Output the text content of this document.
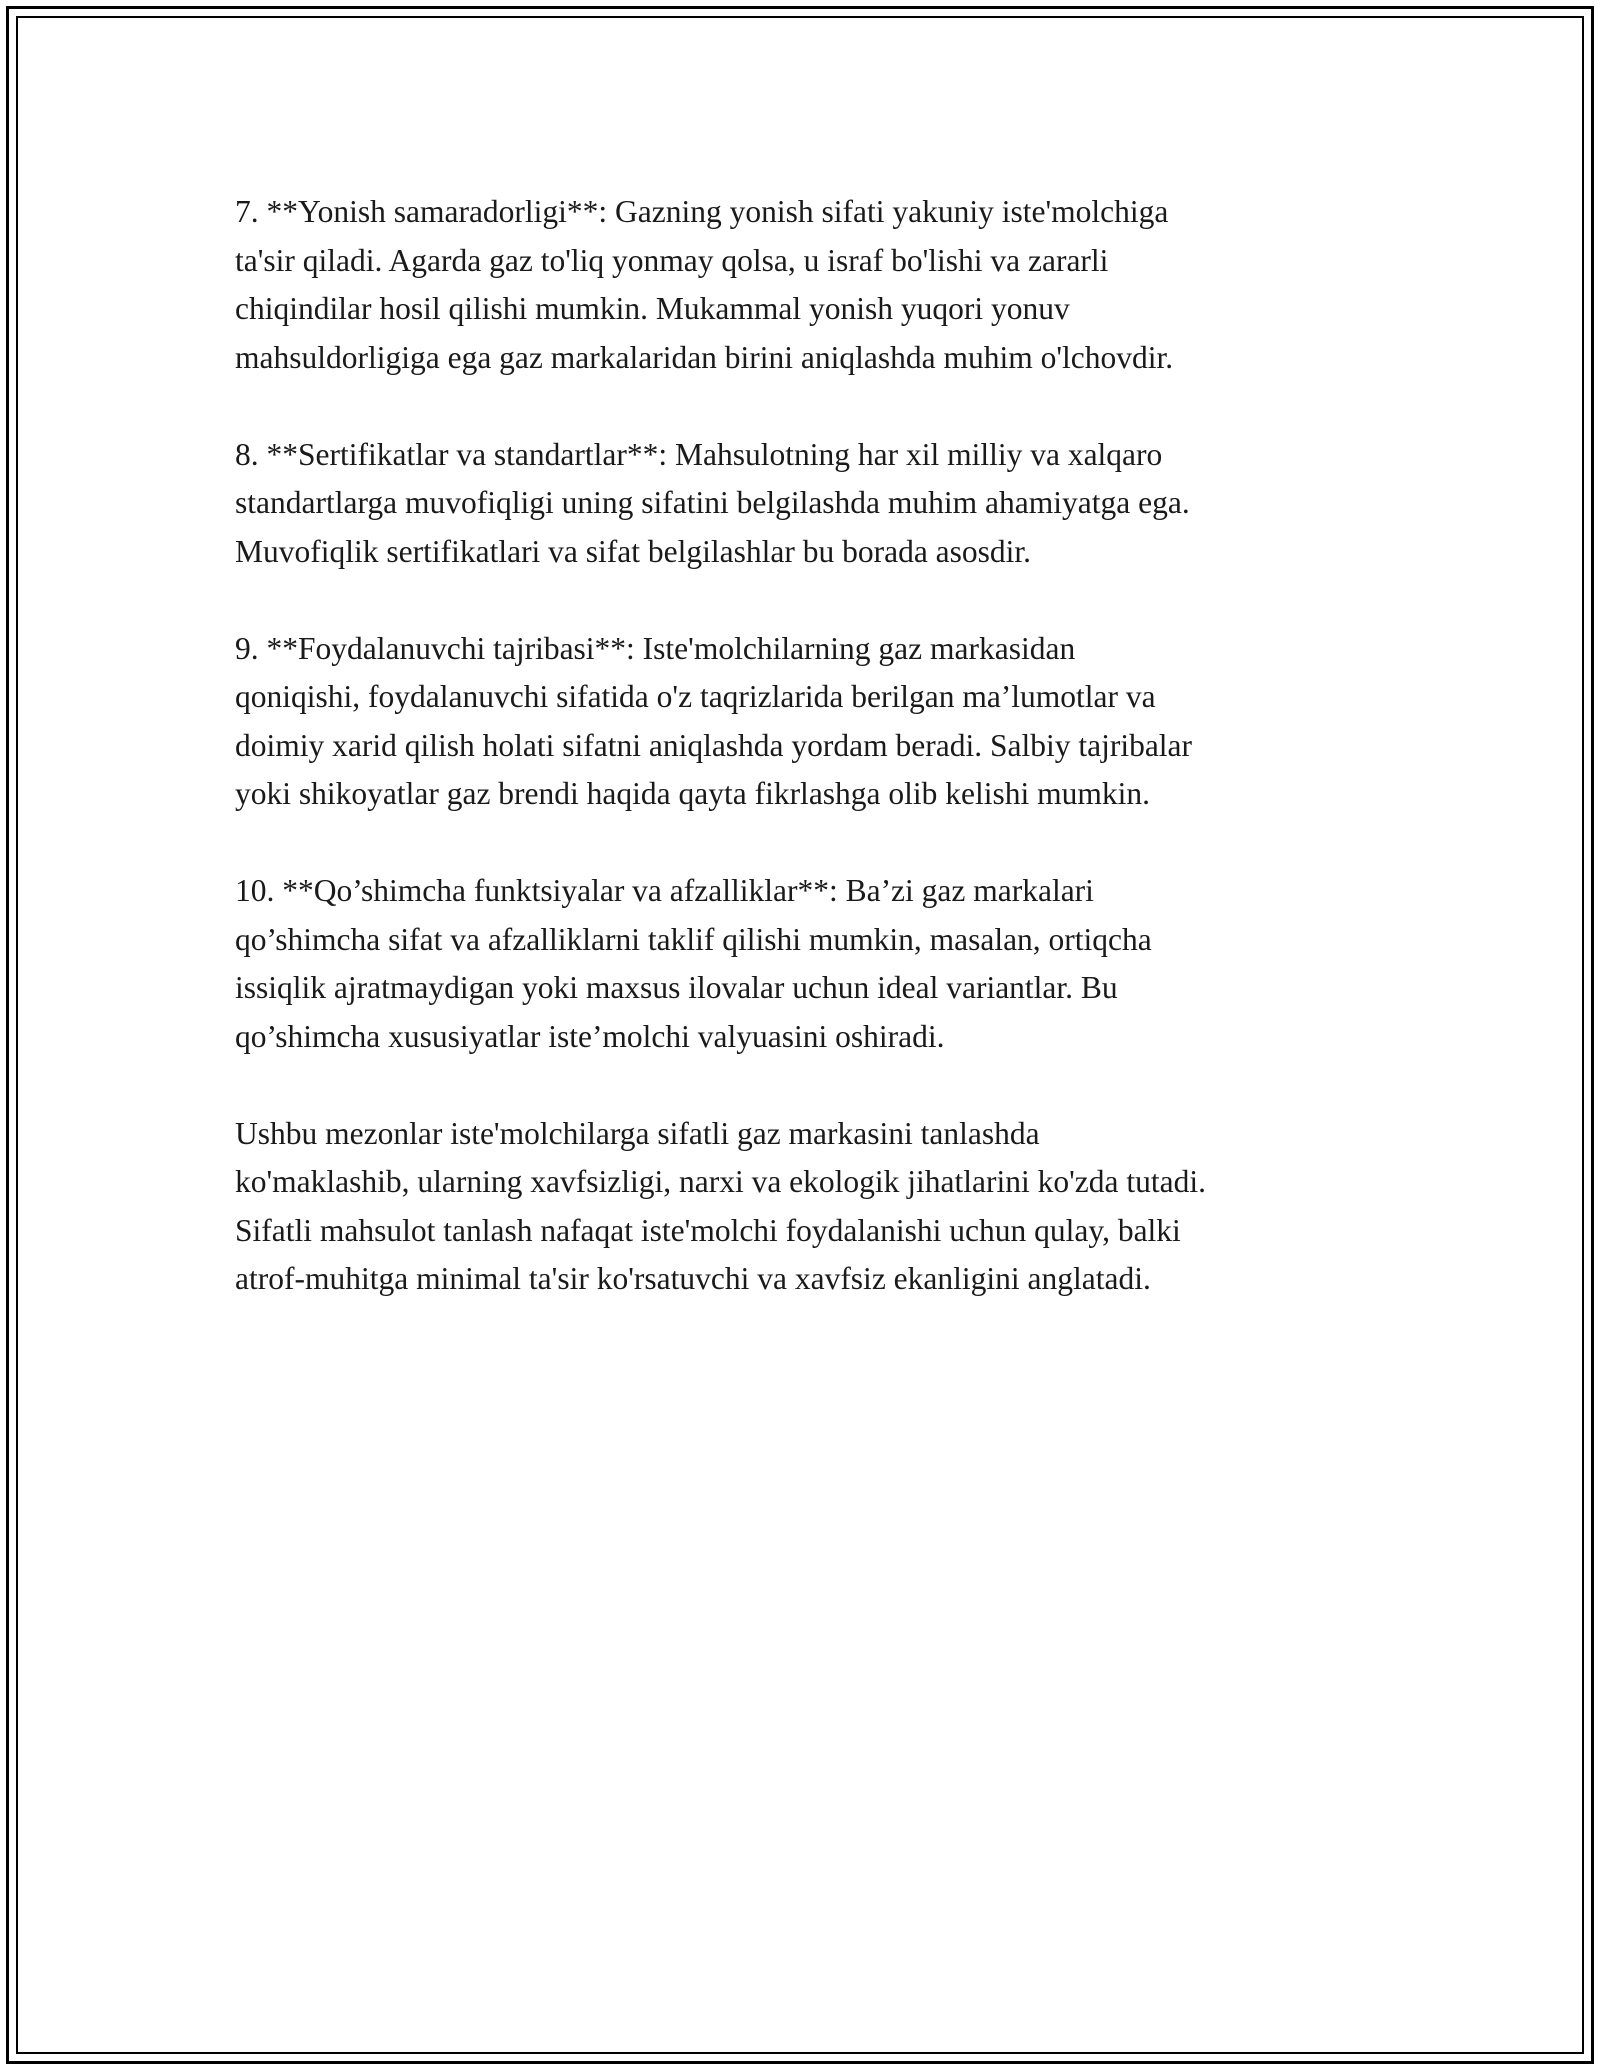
7. **Yonish samaradorligi**: Gazning yonish sifati yakuniy iste'molchiga
ta'sir qiladi. Agarda gaz to'liq yonmay qolsa, u israf bo'lishi va zararli
chiqindilar hosil qilishi mumkin. Mukammal yonish yuqori yonuv
mahsuldorligiga ega gaz markalaridan birini aniqlashda muhim o'lchovdir.

8. **Sertifikatlar va standartlar**: Mahsulotning har xil milliy va xalqaro
standartlarga muvofiqligi uning sifatini belgilashda muhim ahamiyatga ega.
Muvofiqlik sertifikatlari va sifat belgilashlar bu borada asosdir.

9. **Foydalanuvchi tajribasi**: Iste'molchilarning gaz markasidan
qoniqishi, foydalanuvchi sifatida o'z taqrizlarida berilgan ma’lumotlar va
doimiy xarid qilish holati sifatni aniqlashda yordam beradi. Salbiy tajribalar
yoki shikoyatlar gaz brendi haqida qayta fikrlashga olib kelishi mumkin.

10. **Qo’shimcha funktsiyalar va afzalliklar**: Ba’zi gaz markalari
qo’shimcha sifat va afzalliklarni taklif qilishi mumkin, masalan, ortiqcha
issiqlik ajratmaydigan yoki maxsus ilovalar uchun ideal variantlar. Bu
qo’shimcha xususiyatlar iste’molchi valyuasini oshiradi.

Ushbu mezonlar iste'molchilarga sifatli gaz markasini tanlashda
ko'maklashib, ularning xavfsizligi, narxi va ekologik jihatlarini ko'zda tutadi.
Sifatli mahsulot tanlash nafaqat iste'molchi foydalanishi uchun qulay, balki
atrof-muhitga minimal ta'sir ko'rsatuvchi va xavfsiz ekanligini anglatadi.
